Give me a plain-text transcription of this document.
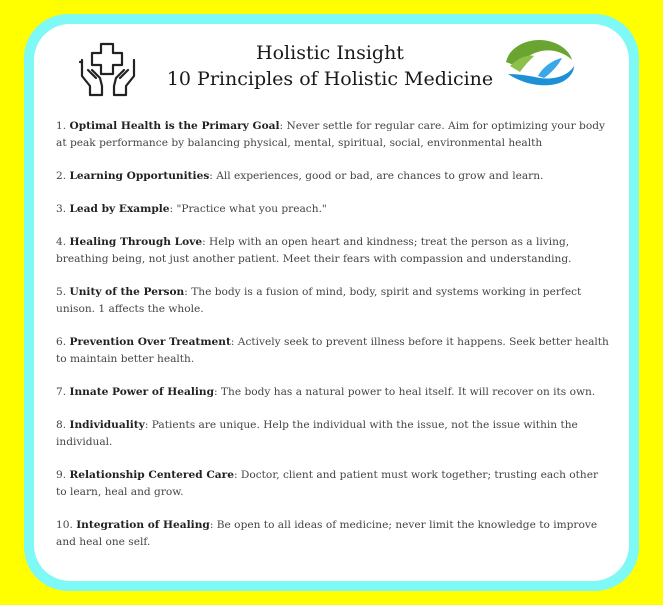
Holistic Insight
10 Principles of Holistic Medicine
1. Optimal Health is the Primary Goal: Never settle for regular care. Aim for optimizing your body at peak performance by balancing physical, mental, spiritual, social, environmental health
2. Learning Opportunities: All experiences, good or bad, are chances to grow and learn.
3. Lead by Example: "Practice what you preach."
4. Healing Through Love: Help with an open heart and kindness; treat the person as a living, breathing being, not just another patient. Meet their fears with compassion and understanding.
5. Unity of the Person: The body is a fusion of mind, body, spirit and systems working in perfect unison. 1 affects the whole.
6. Prevention Over Treatment: Actively seek to prevent illness before it happens. Seek better health to maintain better health.
7. Innate Power of Healing: The body has a natural power to heal itself. It will recover on its own.
8. Individuality: Patients are unique. Help the individual with the issue, not the issue within the individual.
9. Relationship Centered Care: Doctor, client and patient must work together; trusting each other to learn, heal and grow.
10. Integration of Healing: Be open to all ideas of medicine; never limit the knowledge to improve and heal one self.
